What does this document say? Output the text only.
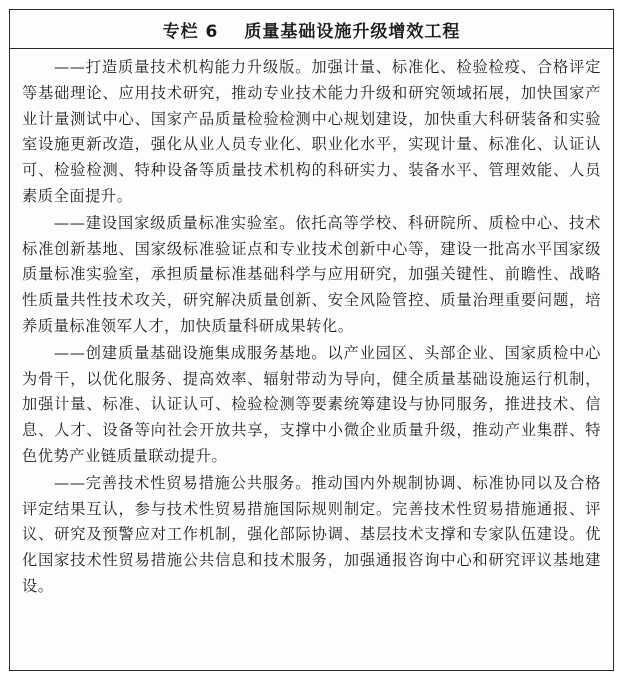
专栏 6 质量基础设施升级增效工程

——打造质量技术机构能力升级版。加强计量、标准化、检验检疫、合格评定等基础理论、应用技术研究，推动专业技术能力升级和研究领域拓展，加快国家产业计量测试中心、国家产品质量检验检测中心规划建设，加快重大科研装备和实验室设施更新改造，强化从业人员专业化、职业化水平，实现计量、标准化、认证认可、检验检测、特种设备等质量技术机构的科研实力、装备水平、管理效能、人员素质全面提升。

——建设国家级质量标准实验室。依托高等学校、科研院所、质检中心、技术标准创新基地、国家级标准验证点和专业技术创新中心等，建设一批高水平国家级质量标准实验室，承担质量标准基础科学与应用研究，加强关键性、前瞻性、战略性质量共性技术攻关，研究解决质量创新、安全风险管控、质量治理重要问题，培养质量标准领军人才，加快质量科研成果转化。

——创建质量基础设施集成服务基地。以产业园区、头部企业、国家质检中心为骨干，以优化服务、提高效率、辐射带动为导向，健全质量基础设施运行机制，加强计量、标准、认证认可、检验检测等要素统筹建设与协同服务，推进技术、信息、人才、设备等向社会开放共享，支撑中小微企业质量升级，推动产业集群、特色优势产业链质量联动提升。

——完善技术性贸易措施公共服务。推动国内外规制协调、标准协同以及合格评定结果互认，参与技术性贸易措施国际规则制定。完善技术性贸易措施通报、评议、研究及预警应对工作机制，强化部际协调、基层技术支撑和专家队伍建设。优化国家技术性贸易措施公共信息和技术服务，加强通报咨询中心和研究评议基地建设。
